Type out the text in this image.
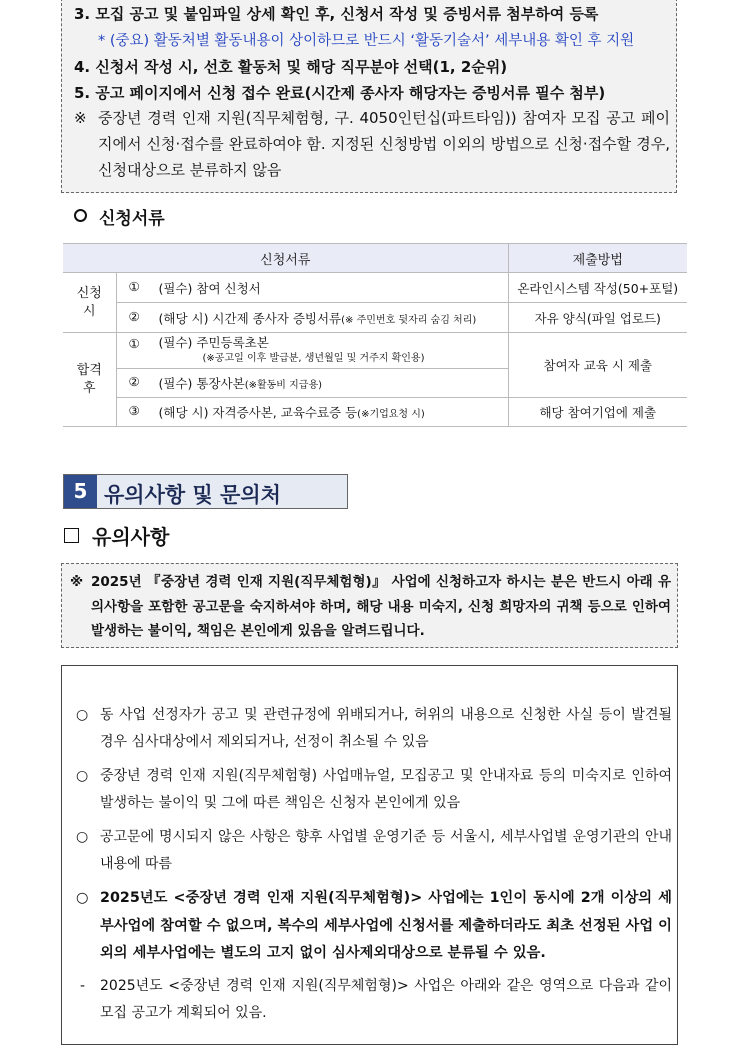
3. 모집 공고 및 붙임파일 상세 확인 후, 신청서 작성 및 증빙서류 첨부하여 등록
* (중요) 활동처별 활동내용이 상이하므로 반드시 ‘활동기술서’ 세부내용 확인 후 지원
4. 신청서 작성 시, 선호 활동처 및 해당 직무분야 선택(1, 2순위)
5. 공고 페이지에서 신청 접수 완료(시간제 종사자 해당자는 증빙서류 필수 첨부)
※ 중장년 경력 인재 지원(직무체험형, 구. 4050인턴십(파트타임)) 참여자 모집 공고 페이지에서 신청·접수를 완료하여야 함. 지정된 신청방법 이외의 방법으로 신청·접수할 경우, 신청대상으로 분류하지 않음
신청서류
신청서류		제출방법

신청시	① (필수) 참여 신청서	온라인시스템 작성(50+포털)

	② (해당 시) 시간제 종사자 증빙서류(※ 주민번호 뒷자리 숨김 처리)	자유 양식(파일 업로드)

합격후	① (필수) 주민등록초본
(※공고일 이후 발급분, 생년월일 및 거주지 확인용)	참여자 교육 시 제출

	② (필수) 통장사본(※활동비 지급용)	

	③ (해당 시) 자격증사본, 교육수료증 등(※기업요청 시)	해당 참여기업에 제출
5 유의사항 및 문의처
유의사항
※ 2025년 『중장년 경력 인재 지원(직무체험형)』 사업에 신청하고자 하시는 분은 반드시 아래 유의사항을 포함한 공고문을 숙지하셔야 하며, 해당 내용 미숙지, 신청 희망자의 귀책 등으로 인하여 발생하는 불이익, 책임은 본인에게 있음을 알려드립니다.
○ 동 사업 선정자가 공고 및 관련규정에 위배되거나, 허위의 내용으로 신청한 사실 등이 발견될 경우 심사대상에서 제외되거나, 선정이 취소될 수 있음
○ 중장년 경력 인재 지원(직무체험형) 사업매뉴얼, 모집공고 및 안내자료 등의 미숙지로 인하여 발생하는 불이익 및 그에 따른 책임은 신청자 본인에게 있음
○ 공고문에 명시되지 않은 사항은 향후 사업별 운영기준 등 서울시, 세부사업별 운영기관의 안내 내용에 따름
○ 2025년도 <중장년 경력 인재 지원(직무체험형)> 사업에는 1인이 동시에 2개 이상의 세부사업에 참여할 수 없으며, 복수의 세부사업에 신청서를 제출하더라도 최초 선정된 사업 이외의 세부사업에는 별도의 고지 없이 심사제외대상으로 분류될 수 있음.
- 2025년도 <중장년 경력 인재 지원(직무체험형)> 사업은 아래와 같은 영역으로 다음과 같이 모집 공고가 계획되어 있음.
